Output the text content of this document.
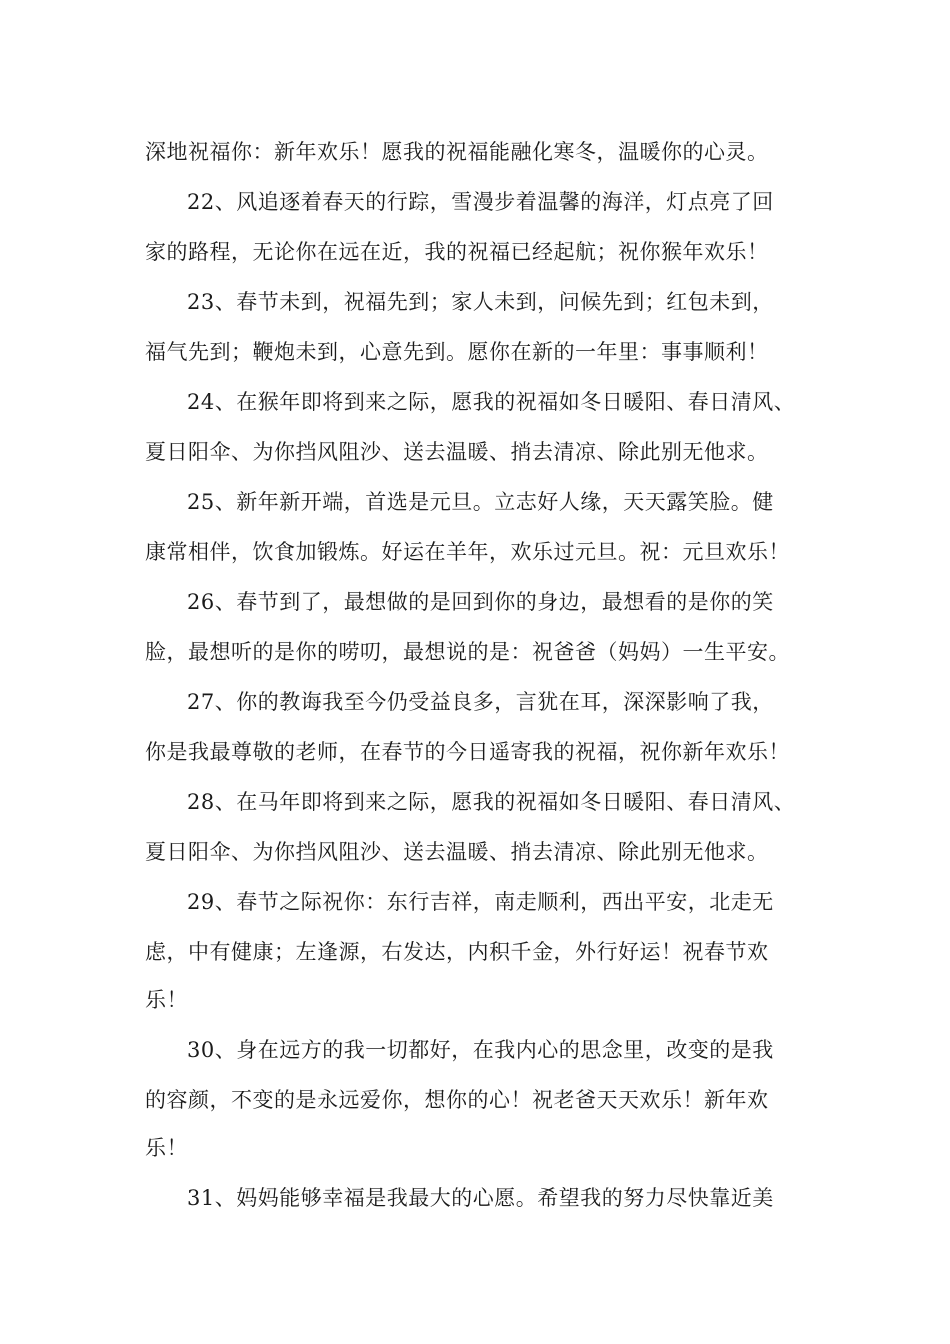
深地祝福你：新年欢乐！愿我的祝福能融化寒冬，温暖你的心灵。
22、风追逐着春天的行踪，雪漫步着温馨的海洋，灯点亮了回
家的路程，无论你在远在近，我的祝福已经起航；祝你猴年欢乐！
23、春节未到，祝福先到；家人未到，问候先到；红包未到，
福气先到；鞭炮未到，心意先到。愿你在新的一年里：事事顺利！
24、在猴年即将到来之际，愿我的祝福如冬日暖阳、春日清风、
夏日阳伞、为你挡风阻沙、送去温暖、捎去清凉、除此别无他求。
25、新年新开端，首选是元旦。立志好人缘，天天露笑脸。健
康常相伴，饮食加锻炼。好运在羊年，欢乐过元旦。祝：元旦欢乐！
26、春节到了，最想做的是回到你的身边，最想看的是你的笑
脸，最想听的是你的唠叨，最想说的是：祝爸爸（妈妈）一生平安。
27、你的教诲我至今仍受益良多，言犹在耳，深深影响了我，
你是我最尊敬的老师，在春节的今日遥寄我的祝福，祝你新年欢乐！
28、在马年即将到来之际，愿我的祝福如冬日暖阳、春日清风、
夏日阳伞、为你挡风阻沙、送去温暖、捎去清凉、除此别无他求。
29、春节之际祝你：东行吉祥，南走顺利，西出平安，北走无
虑，中有健康；左逢源，右发达，内积千金，外行好运！祝春节欢
乐！
30、身在远方的我一切都好，在我内心的思念里，改变的是我
的容颜，不变的是永远爱你，想你的心！祝老爸天天欢乐！新年欢
乐！
31、妈妈能够幸福是我最大的心愿。希望我的努力尽快靠近美
